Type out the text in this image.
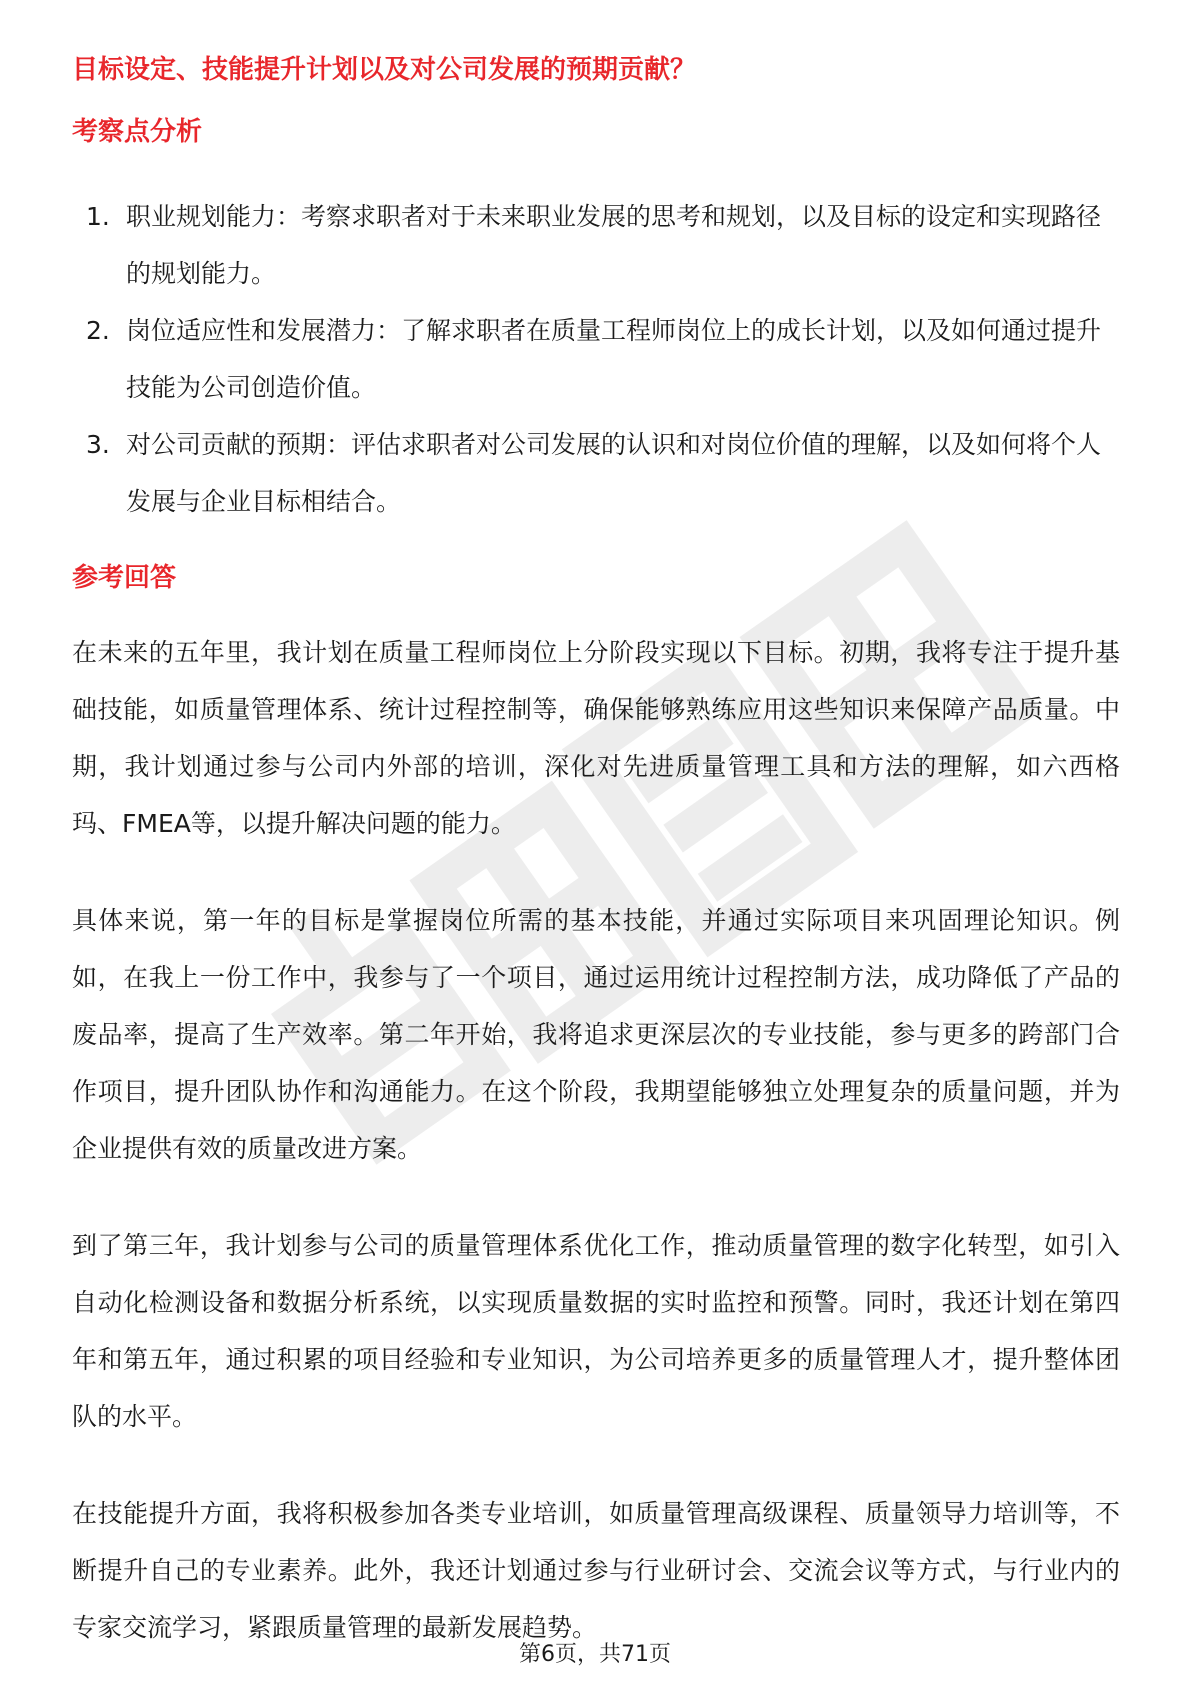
目标设定、技能提升计划以及对公司发展的预期贡献？
考察点分析
1. 职业规划能力：考察求职者对于未来职业发展的思考和规划，以及目标的设定和实现路径的规划能力。
2. 岗位适应性和发展潜力：了解求职者在质量工程师岗位上的成长计划，以及如何通过提升技能为公司创造价值。
3. 对公司贡献的预期：评估求职者对公司发展的认识和对岗位价值的理解，以及如何将个人发展与企业目标相结合。
参考回答

在未来的五年里，我计划在质量工程师岗位上分阶段实现以下目标。初期，我将专注于提升基础技能，如质量管理体系、统计过程控制等，确保能够熟练应用这些知识来保障产品质量。中期，我计划通过参与公司内外部的培训，深化对先进质量管理工具和方法的理解，如六西格玛、FMEA等，以提升解决问题的能力。

具体来说，第一年的目标是掌握岗位所需的基本技能，并通过实际项目来巩固理论知识。例如，在我上一份工作中，我参与了一个项目，通过运用统计过程控制方法，成功降低了产品的废品率，提高了生产效率。第二年开始，我将追求更深层次的专业技能，参与更多的跨部门合作项目，提升团队协作和沟通能力。在这个阶段，我期望能够独立处理复杂的质量问题，并为企业提供有效的质量改进方案。

到了第三年，我计划参与公司的质量管理体系优化工作，推动质量管理的数字化转型，如引入自动化检测设备和数据分析系统，以实现质量数据的实时监控和预警。同时，我还计划在第四年和第五年，通过积累的项目经验和专业知识，为公司培养更多的质量管理人才，提升整体团队的水平。

在技能提升方面，我将积极参加各类专业培训，如质量管理高级课程、质量领导力培训等，不断提升自己的专业素养。此外，我还计划通过参与行业研讨会、交流会议等方式，与行业内的专家交流学习，紧跟质量管理的最新发展趋势。

第6页，共71页
